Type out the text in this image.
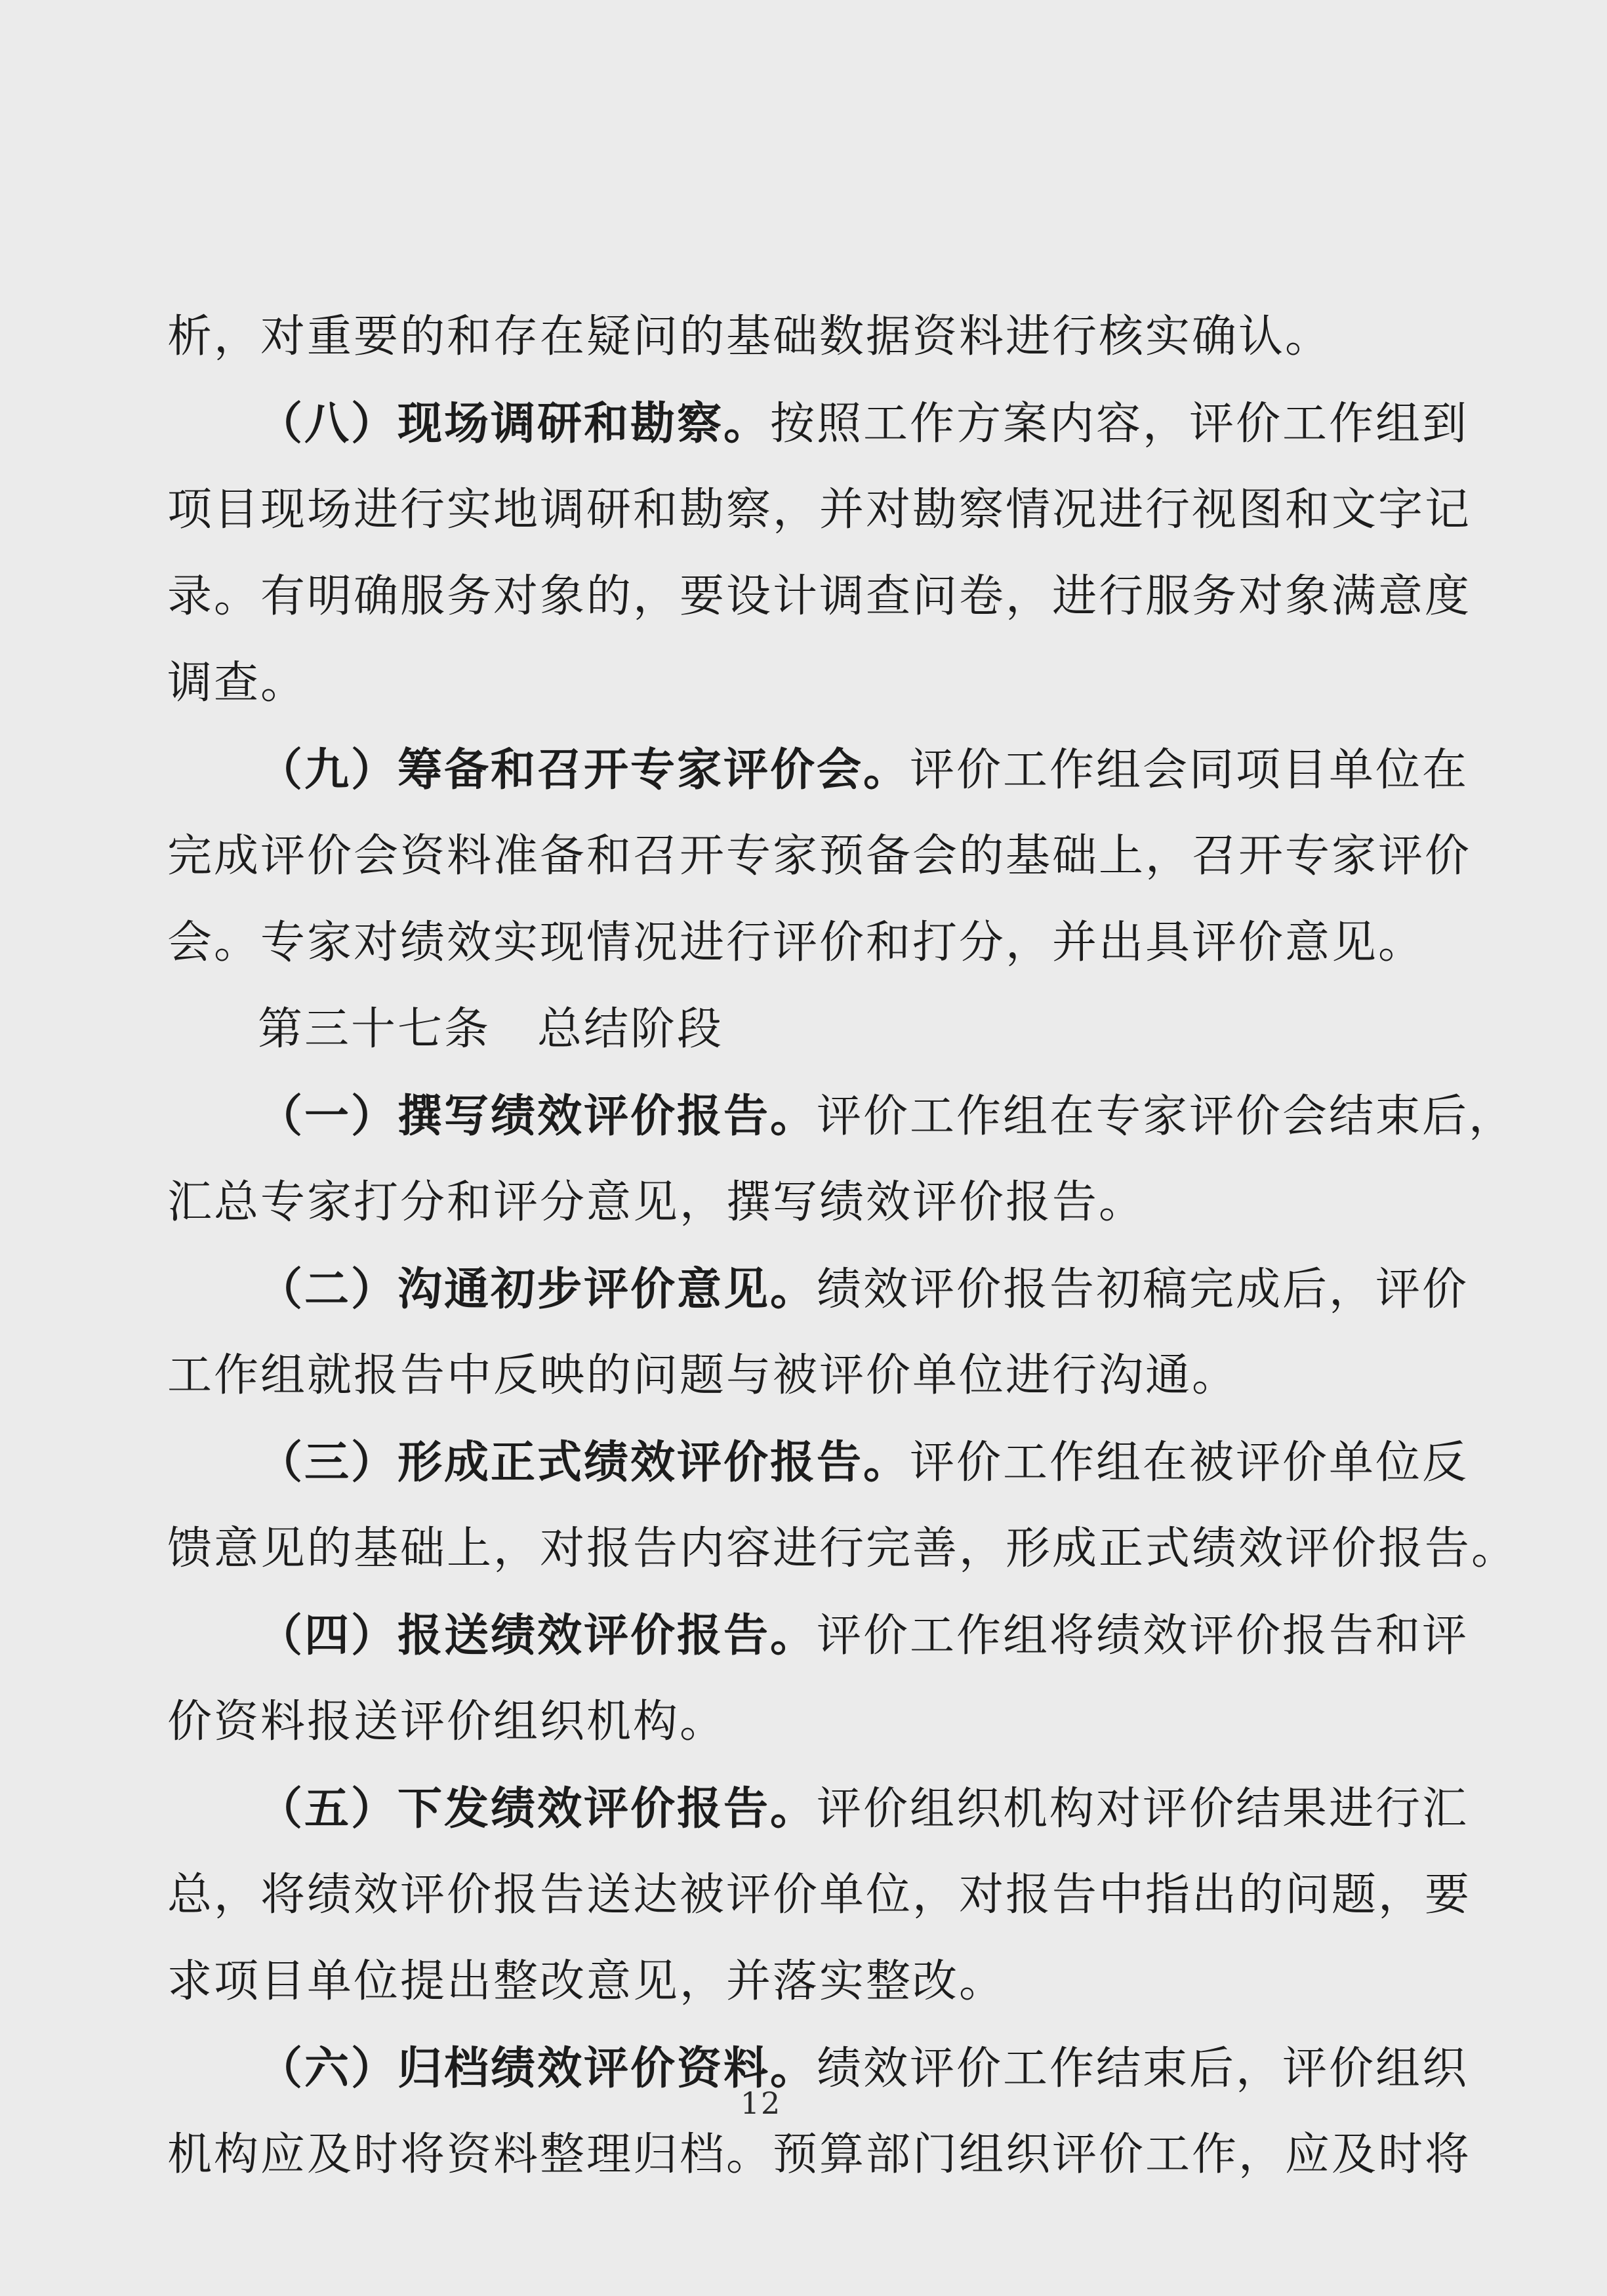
析，对重要的和存在疑问的基础数据资料进行核实确认。
（八）现场调研和勘察。按照工作方案内容，评价工作组到
项目现场进行实地调研和勘察，并对勘察情况进行视图和文字记
录。有明确服务对象的，要设计调查问卷，进行服务对象满意度
调查。
（九）筹备和召开专家评价会。评价工作组会同项目单位在
完成评价会资料准备和召开专家预备会的基础上，召开专家评价
会。专家对绩效实现情况进行评价和打分，并出具评价意见。
第三十七条　总结阶段
（一）撰写绩效评价报告。评价工作组在专家评价会结束后，
汇总专家打分和评分意见，撰写绩效评价报告。
（二）沟通初步评价意见。绩效评价报告初稿完成后，评价
工作组就报告中反映的问题与被评价单位进行沟通。
（三）形成正式绩效评价报告。评价工作组在被评价单位反
馈意见的基础上，对报告内容进行完善，形成正式绩效评价报告。
（四）报送绩效评价报告。评价工作组将绩效评价报告和评
价资料报送评价组织机构。
（五）下发绩效评价报告。评价组织机构对评价结果进行汇
总，将绩效评价报告送达被评价单位，对报告中指出的问题，要
求项目单位提出整改意见，并落实整改。
（六）归档绩效评价资料。绩效评价工作结束后，评价组织
机构应及时将资料整理归档。预算部门组织评价工作，应及时将
12
